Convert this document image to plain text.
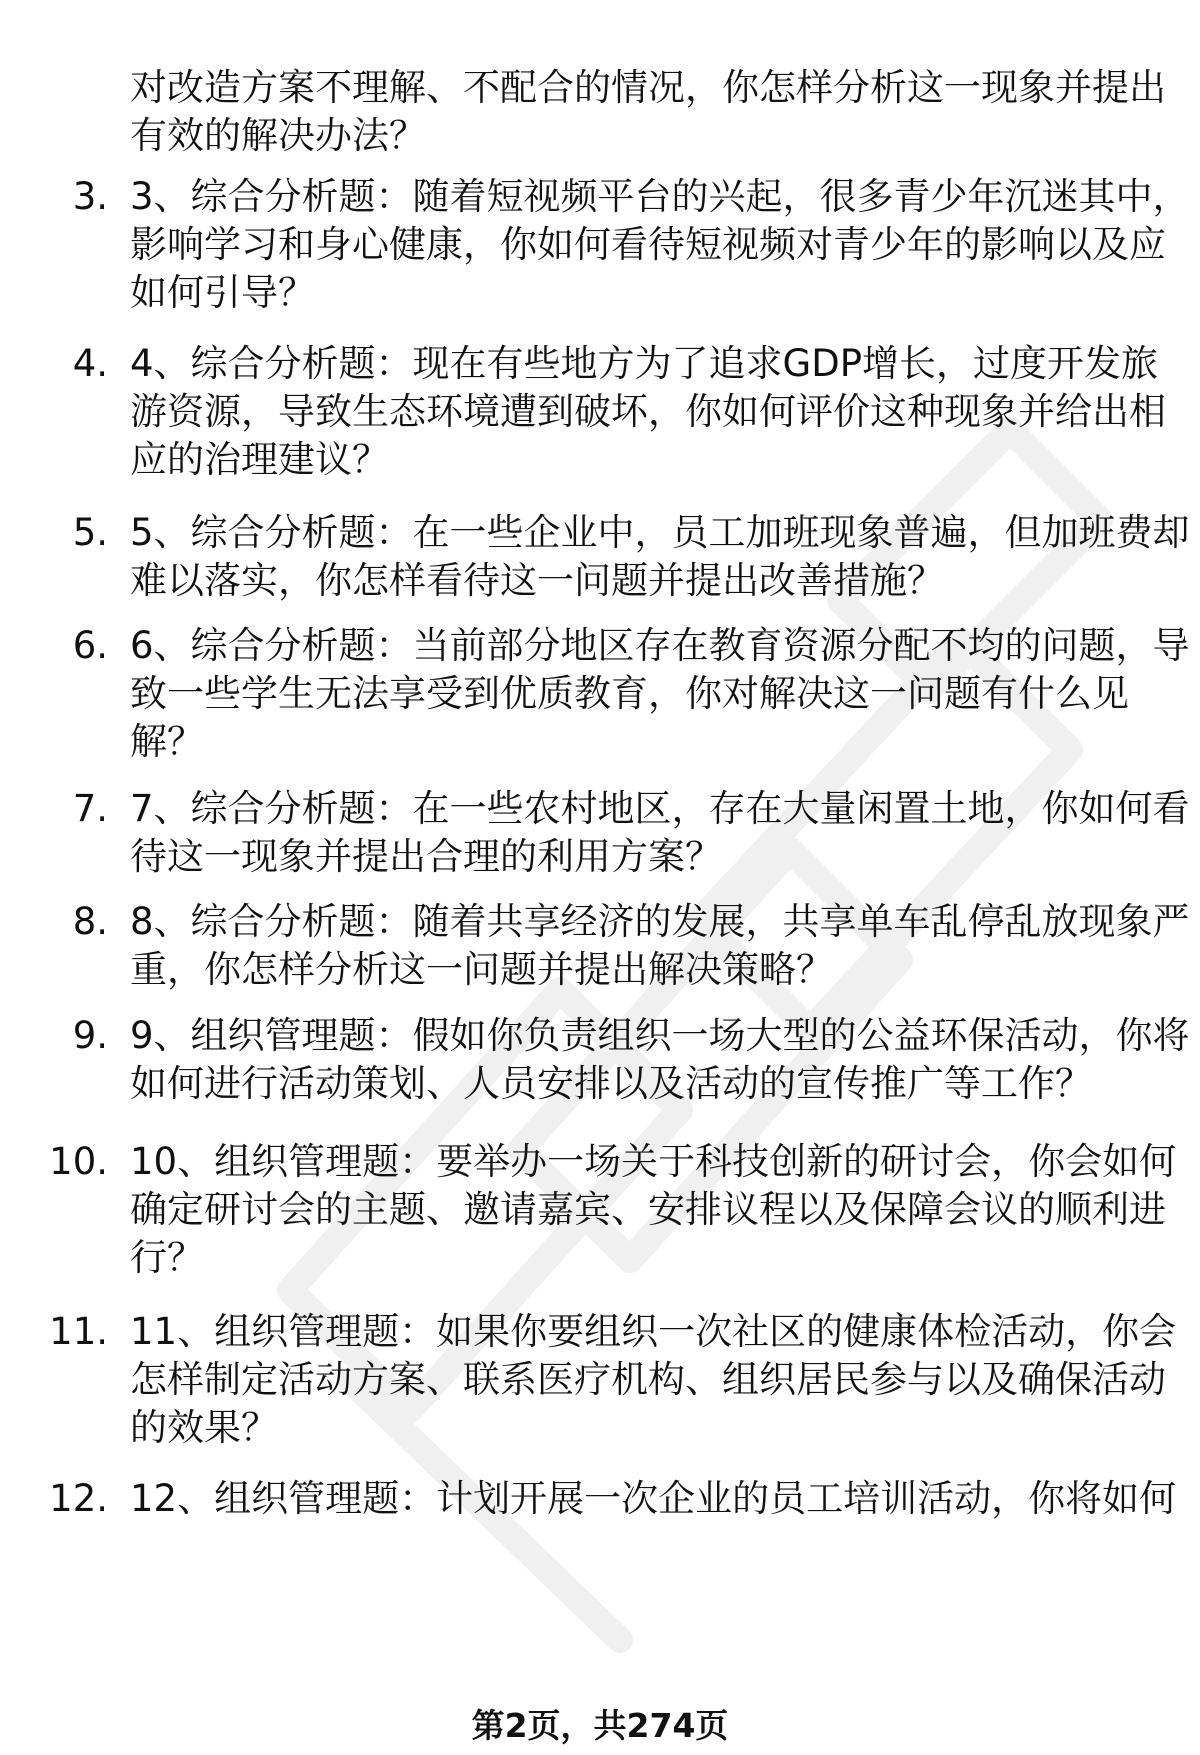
对改造方案不理解、不配合的情况，你怎样分析这一现象并提出
有效的解决办法？
3. 3、综合分析题：随着短视频平台的兴起，很多青少年沉迷其中，
影响学习和身心健康，你如何看待短视频对青少年的影响以及应
如何引导？
4. 4、综合分析题：现在有些地方为了追求GDP增长，过度开发旅
游资源，导致生态环境遭到破坏，你如何评价这种现象并给出相
应的治理建议？
5. 5、综合分析题：在一些企业中，员工加班现象普遍，但加班费却
难以落实，你怎样看待这一问题并提出改善措施？
6. 6、综合分析题：当前部分地区存在教育资源分配不均的问题，导
致一些学生无法享受到优质教育，你对解决这一问题有什么见
解？
7. 7、综合分析题：在一些农村地区，存在大量闲置土地，你如何看
待这一现象并提出合理的利用方案？
8. 8、综合分析题：随着共享经济的发展，共享单车乱停乱放现象严
重，你怎样分析这一问题并提出解决策略？
9. 9、组织管理题：假如你负责组织一场大型的公益环保活动，你将
如何进行活动策划、人员安排以及活动的宣传推广等工作？
10. 10、组织管理题：要举办一场关于科技创新的研讨会，你会如何
确定研讨会的主题、邀请嘉宾、安排议程以及保障会议的顺利进
行？
11. 11、组织管理题：如果你要组织一次社区的健康体检活动，你会
怎样制定活动方案、联系医疗机构、组织居民参与以及确保活动
的效果？
12. 12、组织管理题：计划开展一次企业的员工培训活动，你将如何
第2页，共274页
